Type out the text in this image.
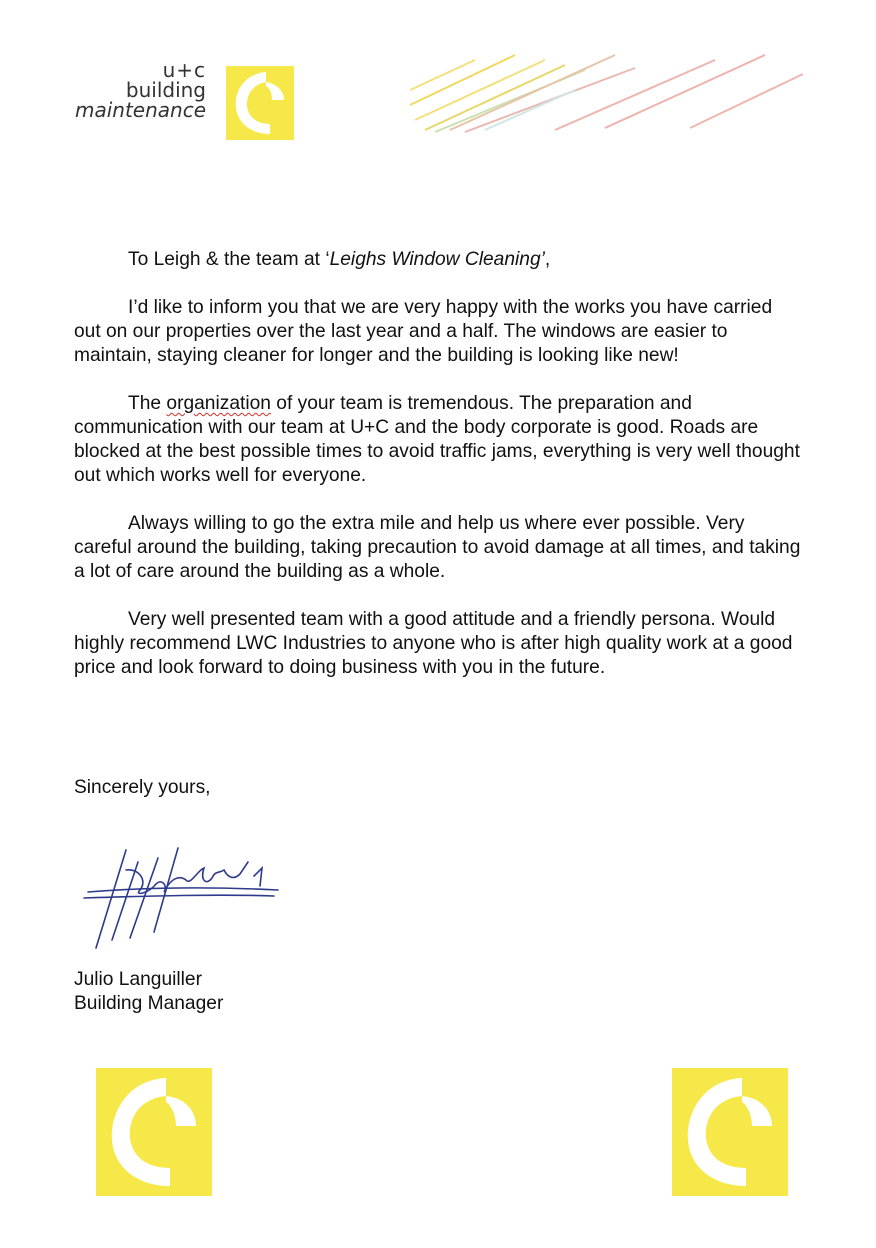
u+c
building
maintenance

To Leigh & the team at ‘Leighs Window Cleaning’,

I’d like to inform you that we are very happy with the works you have carried out on our properties over the last year and a half. The windows are easier to maintain, staying cleaner for longer and the building is looking like new!

The organization of your team is tremendous. The preparation and communication with our team at U+C and the body corporate is good. Roads are blocked at the best possible times to avoid traffic jams, everything is very well thought out which works well for everyone.

Always willing to go the extra mile and help us where ever possible. Very careful around the building, taking precaution to avoid damage at all times, and taking a lot of care around the building as a whole.

Very well presented team with a good attitude and a friendly persona. Would highly recommend LWC Industries to anyone who is after high quality work at a good price and look forward to doing business with you in the future.

Sincerely yours,
Julio Languiller
Building Manager
